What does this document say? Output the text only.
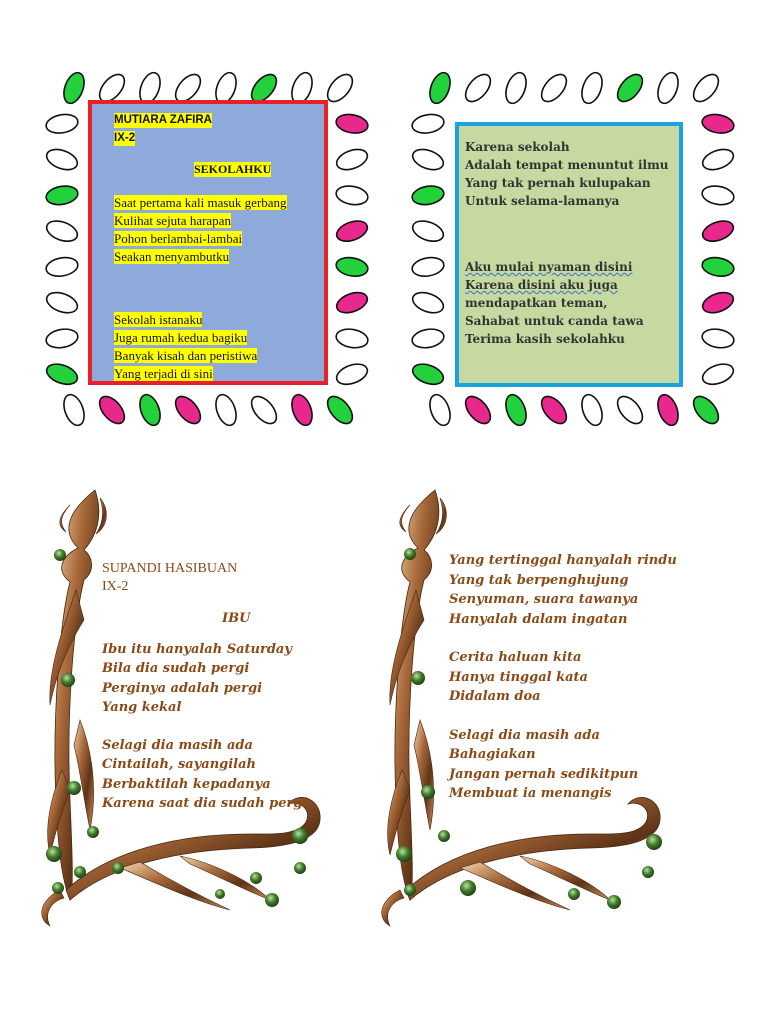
MUTIARA ZAFIRA
IX-2
SEKOLAHKU
Saat pertama kali masuk gerbang
Kulihat sejuta harapan
Pohon berlambai-lambai
Seakan menyambutku
Sekolah istanaku
Juga rumah kedua bagiku
Banyak kisah dan peristiwa
Yang terjadi di sini
Karena sekolah
Adalah tempat menuntut ilmu
Yang tak pernah kulupakan
Untuk selama-lamanya
Aku mulai nyaman disini
Karena disini aku juga
mendapatkan teman,
Sahabat untuk canda tawa
Terima kasih sekolahku
SUPANDI HASIBUAN
IX-2
IBU
Ibu itu hanyalah Saturday
Bila dia sudah pergi
Perginya adalah pergi
Yang kekal
Selagi dia masih ada
Cintailah, sayangilah
Berbaktilah kepadanya
Karena saat dia sudah pergi
Yang tertinggal hanyalah rindu
Yang tak berpenghujung
Senyuman, suara tawanya
Hanyalah dalam ingatan
Cerita haluan kita
Hanya tinggal kata
Didalam doa
Selagi dia masih ada
Bahagiakan
Jangan pernah sedikitpun
Membuat ia menangis
